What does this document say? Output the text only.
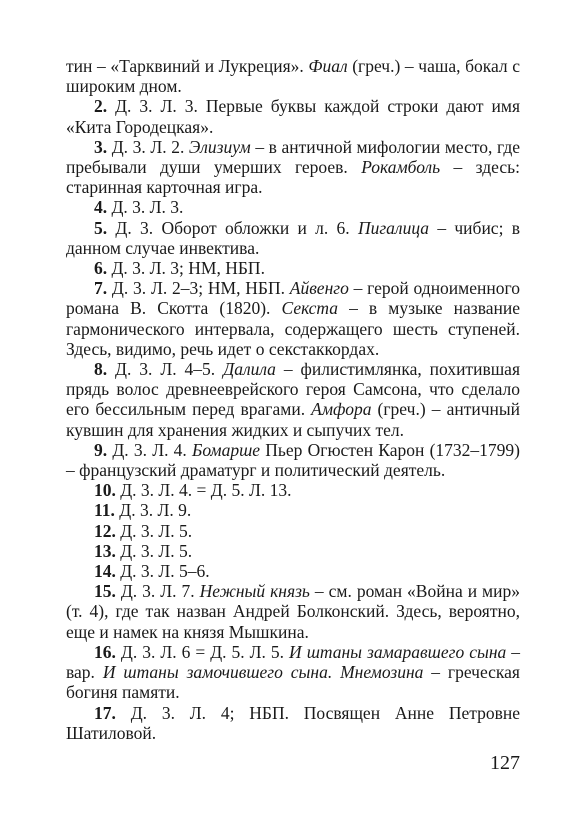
тин – «Тарквиний и Лукреция». Фиал (греч.) – чаша, бокал с широким дном.

2. Д. 3. Л. 3. Первые буквы каждой строки дают имя «Кита Городецкая».

3. Д. 3. Л. 2. Элизиум – в античной мифологии место, где пребывали души умерших героев. Рокамболь – здесь: старинная карточная игра.

4. Д. 3. Л. 3.

5. Д. 3. Оборот обложки и л. 6. Пигалица – чибис; в данном случае инвектива.

6. Д. 3. Л. 3; НМ, НБП.

7. Д. 3. Л. 2–3; НМ, НБП. Айвенго – герой одноименного романа В. Скотта (1820). Секста – в музыке название гармонического интервала, содержащего шесть ступеней. Здесь, видимо, речь идет о секстаккордах.

8. Д. 3. Л. 4–5. Далила – филистимлянка, похитившая прядь волос древнееврейского героя Самсона, что сделало его бессильным перед врагами. Амфора (греч.) – античный кувшин для хранения жидких и сыпучих тел.

9. Д. 3. Л. 4. Бомарше Пьер Огюстен Карон (1732–1799) – французский драматург и политический деятель.

10. Д. 3. Л. 4. = Д. 5. Л. 13.

11. Д. 3. Л. 9.

12. Д. 3. Л. 5.

13. Д. 3. Л. 5.

14. Д. 3. Л. 5–6.

15. Д. 3. Л. 7. Нежный князь – см. роман «Война и мир» (т. 4), где так назван Андрей Болконский. Здесь, вероятно, еще и намек на князя Мышкина.

16. Д. 3. Л. 6 = Д. 5. Л. 5. И штаны замаравшего сына – вар. И штаны замочившего сына. Мнемозина – греческая богиня памяти.

17. Д. 3. Л. 4; НБП. Посвящен Анне Петровне Шатиловой.

127
